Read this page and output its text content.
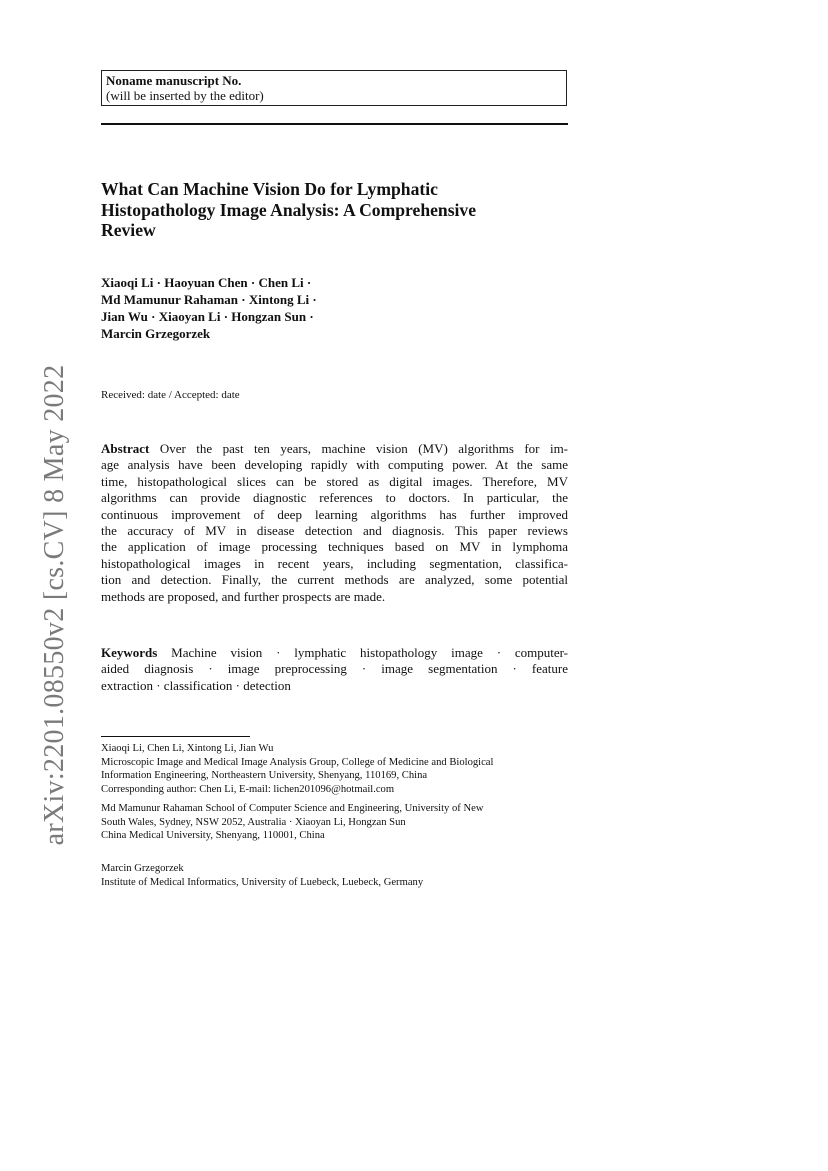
Noname manuscript No.
(will be inserted by the editor)
What Can Machine Vision Do for Lymphatic
Histopathology Image Analysis: A Comprehensive
Review
Xiaoqi Li · Haoyuan Chen · Chen Li ·
Md Mamunur Rahaman · Xintong Li ·
Jian Wu · Xiaoyan Li · Hongzan Sun ·
Marcin Grzegorzek
Received: date / Accepted: date
Abstract Over the past ten years, machine vision (MV) algorithms for im-
age analysis have been developing rapidly with computing power. At the same
time, histopathological slices can be stored as digital images. Therefore, MV
algorithms can provide diagnostic references to doctors. In particular, the
continuous improvement of deep learning algorithms has further improved
the accuracy of MV in disease detection and diagnosis. This paper reviews
the application of image processing techniques based on MV in lymphoma
histopathological images in recent years, including segmentation, classifica-
tion and detection. Finally, the current methods are analyzed, some potential
methods are proposed, and further prospects are made.
Keywords Machine vision · lymphatic histopathology image · computer-
aided diagnosis · image preprocessing · image segmentation · feature
extraction · classification · detection
Xiaoqi Li, Chen Li, Xintong Li, Jian Wu
Microscopic Image and Medical Image Analysis Group, College of Medicine and Biological
Information Engineering, Northeastern University, Shenyang, 110169, China
Corresponding author: Chen Li, E-mail: lichen201096@hotmail.com
Md Mamunur Rahaman School of Computer Science and Engineering, University of New
South Wales, Sydney, NSW 2052, Australia · Xiaoyan Li, Hongzan Sun
China Medical University, Shenyang, 110001, China
Marcin Grzegorzek
Institute of Medical Informatics, University of Luebeck, Luebeck, Germany
arXiv:2201.08550v2 [cs.CV] 8 May 2022
